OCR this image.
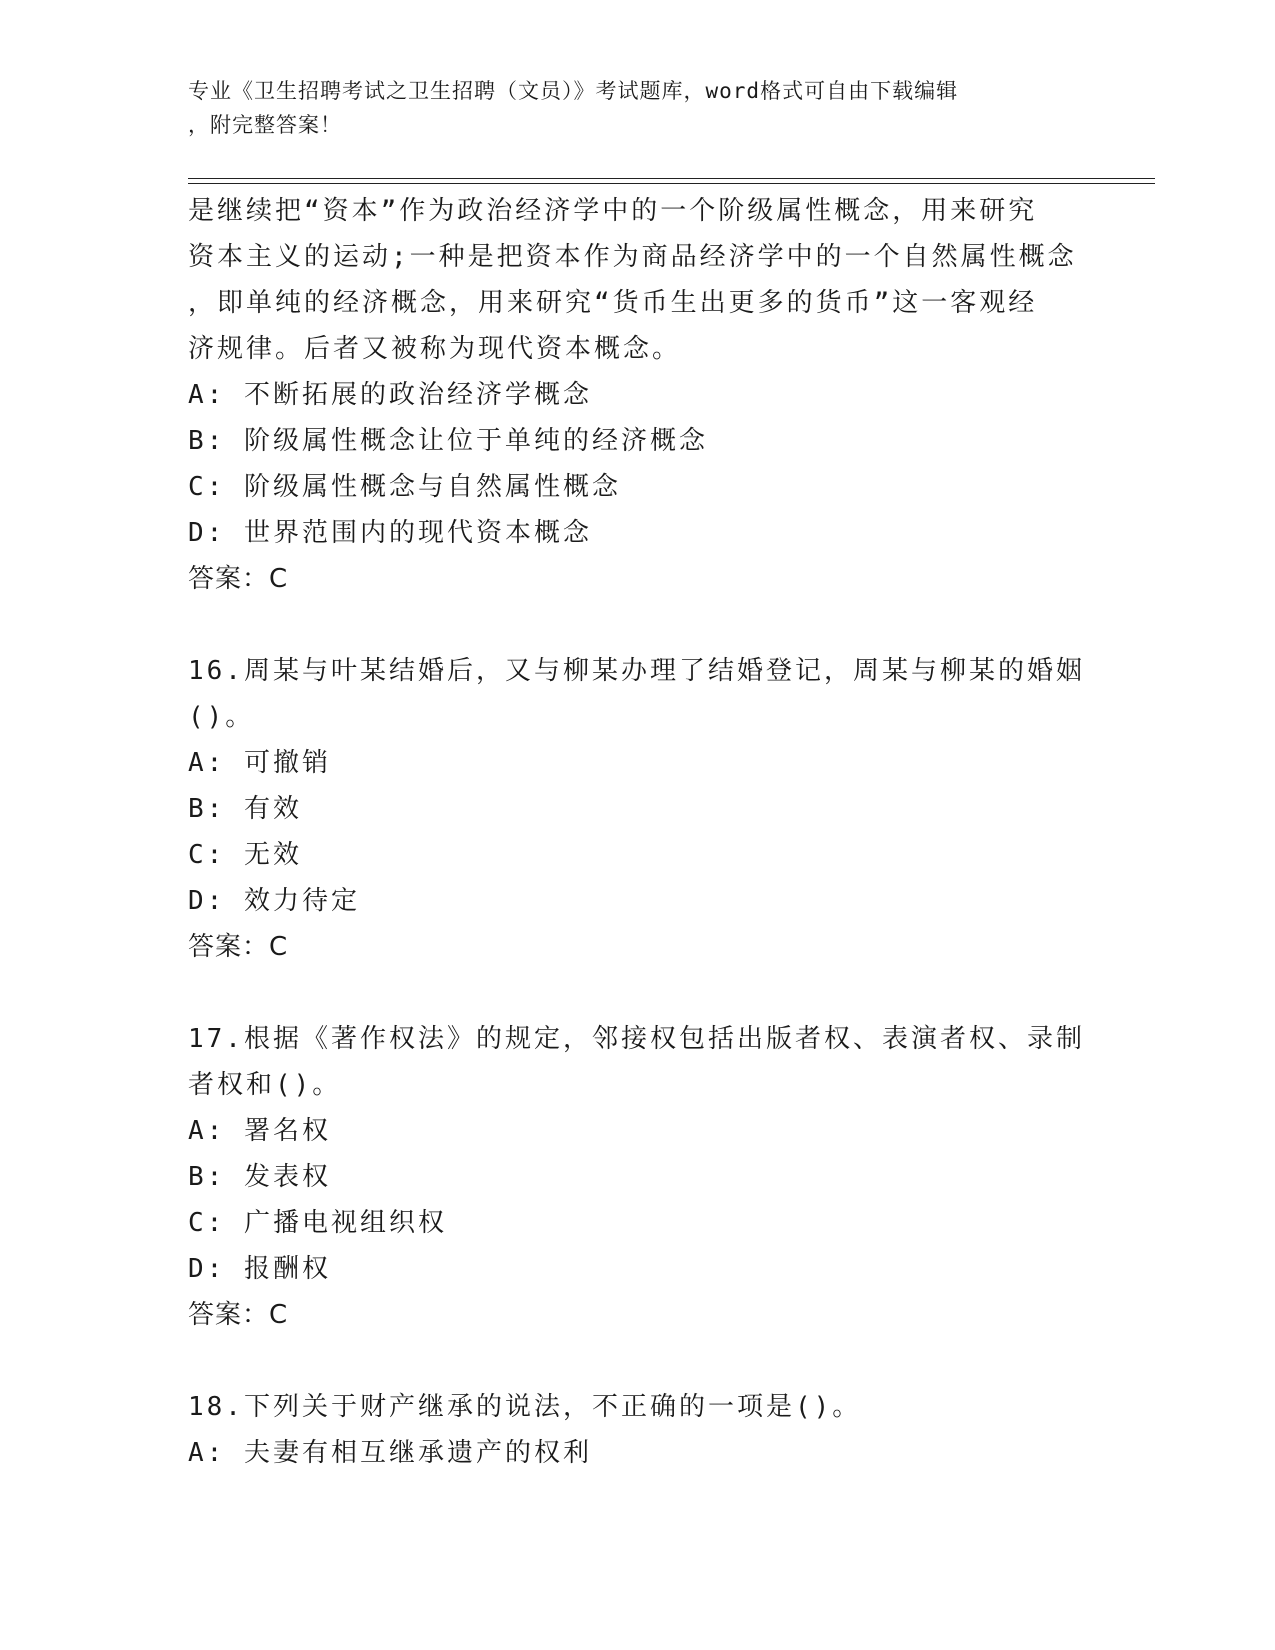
专业《卫生招聘考试之卫生招聘（文员）》考试题库，word格式可自由下载编辑
，附完整答案！
是继续把“资本”作为政治经济学中的一个阶级属性概念，用来研究
资本主义的运动;一种是把资本作为商品经济学中的一个自然属性概念
，即单纯的经济概念，用来研究“货币生出更多的货币”这一客观经
济规律。后者又被称为现代资本概念。
A: 不断拓展的政治经济学概念
B: 阶级属性概念让位于单纯的经济概念
C: 阶级属性概念与自然属性概念
D: 世界范围内的现代资本概念
答案：C
16.周某与叶某结婚后，又与柳某办理了结婚登记，周某与柳某的婚姻
()。
A: 可撤销
B: 有效
C: 无效
D: 效力待定
答案：C
17.根据《著作权法》的规定，邻接权包括出版者权、表演者权、录制
者权和()。
A: 署名权
B: 发表权
C: 广播电视组织权
D: 报酬权
答案：C
18.下列关于财产继承的说法，不正确的一项是()。
A: 夫妻有相互继承遗产的权利
